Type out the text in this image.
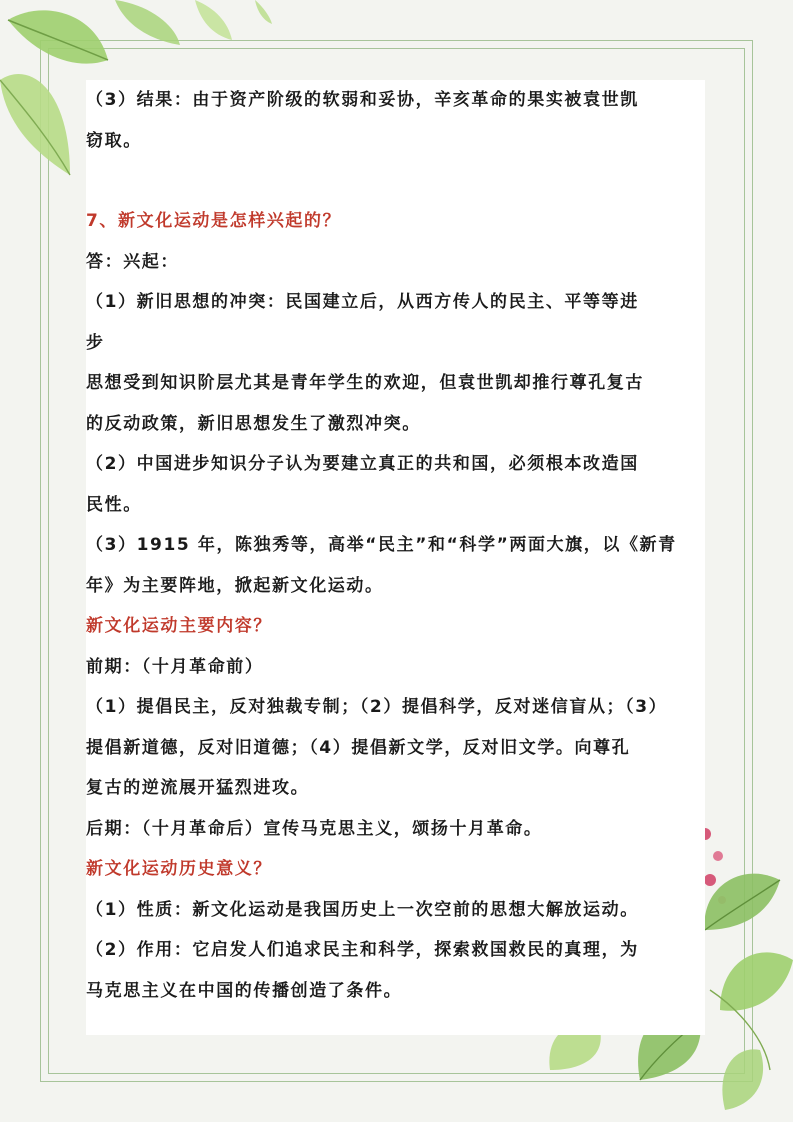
（3）结果：由于资产阶级的软弱和妥协，辛亥革命的果实被袁世凯

窃取。

7、新文化运动是怎样兴起的？

答：兴起：

（1）新旧思想的冲突：民国建立后，从西方传人的民主、平等等进

步

思想受到知识阶层尤其是青年学生的欢迎，但袁世凯却推行尊孔复古

的反动政策，新旧思想发生了激烈冲突。

（2）中国进步知识分子认为要建立真正的共和国，必须根本改造国

民性。

（3）1915 年，陈独秀等，高举“民主”和“科学”两面大旗，以《新青

年》为主要阵地，掀起新文化运动。

新文化运动主要内容？

前期：（十月革命前）

（1）提倡民主，反对独裁专制；（2）提倡科学，反对迷信盲从；（3）

提倡新道德，反对旧道德；（4）提倡新文学，反对旧文学。向尊孔

复古的逆流展开猛烈进攻。

后期：（十月革命后）宣传马克思主义，颂扬十月革命。

新文化运动历史意义？

（1）性质：新文化运动是我国历史上一次空前的思想大解放运动。

（2）作用：它启发人们追求民主和科学，探索救国救民的真理，为

马克思主义在中国的传播创造了条件。
